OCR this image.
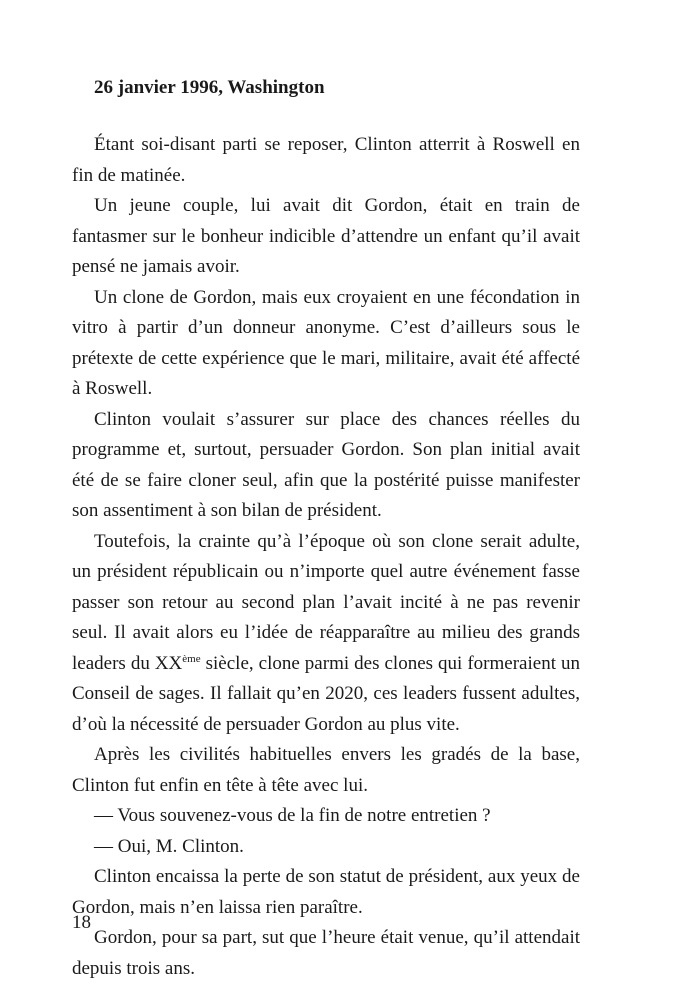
26 janvier 1996, Washington

Étant soi-disant parti se reposer, Clinton atterrit à Roswell en fin de matinée.

Un jeune couple, lui avait dit Gordon, était en train de fantasmer sur le bonheur indicible d’attendre un enfant qu’il avait pensé ne jamais avoir.

Un clone de Gordon, mais eux croyaient en une fécondation in vitro à partir d’un donneur anonyme. C’est d’ailleurs sous le prétexte de cette expérience que le mari, militaire, avait été affecté à Roswell.

Clinton voulait s’assurer sur place des chances réelles du programme et, surtout, persuader Gordon. Son plan initial avait été de se faire cloner seul, afin que la postérité puisse manifester son assentiment à son bilan de président.

Toutefois, la crainte qu’à l’époque où son clone serait adulte, un président républicain ou n’importe quel autre événement fasse passer son retour au second plan l’avait incité à ne pas revenir seul. Il avait alors eu l’idée de réapparaître au milieu des grands leaders du XXème siècle, clone parmi des clones qui formeraient un Conseil de sages. Il fallait qu’en 2020, ces leaders fussent adultes, d’où la nécessité de persuader Gordon au plus vite.

Après les civilités habituelles envers les gradés de la base, Clinton fut enfin en tête à tête avec lui.

— Vous souvenez-vous de la fin de notre entretien ?

— Oui, M. Clinton.

Clinton encaissa la perte de son statut de président, aux yeux de Gordon, mais n’en laissa rien paraître.

Gordon, pour sa part, sut que l’heure était venue, qu’il attendait depuis trois ans.

18
